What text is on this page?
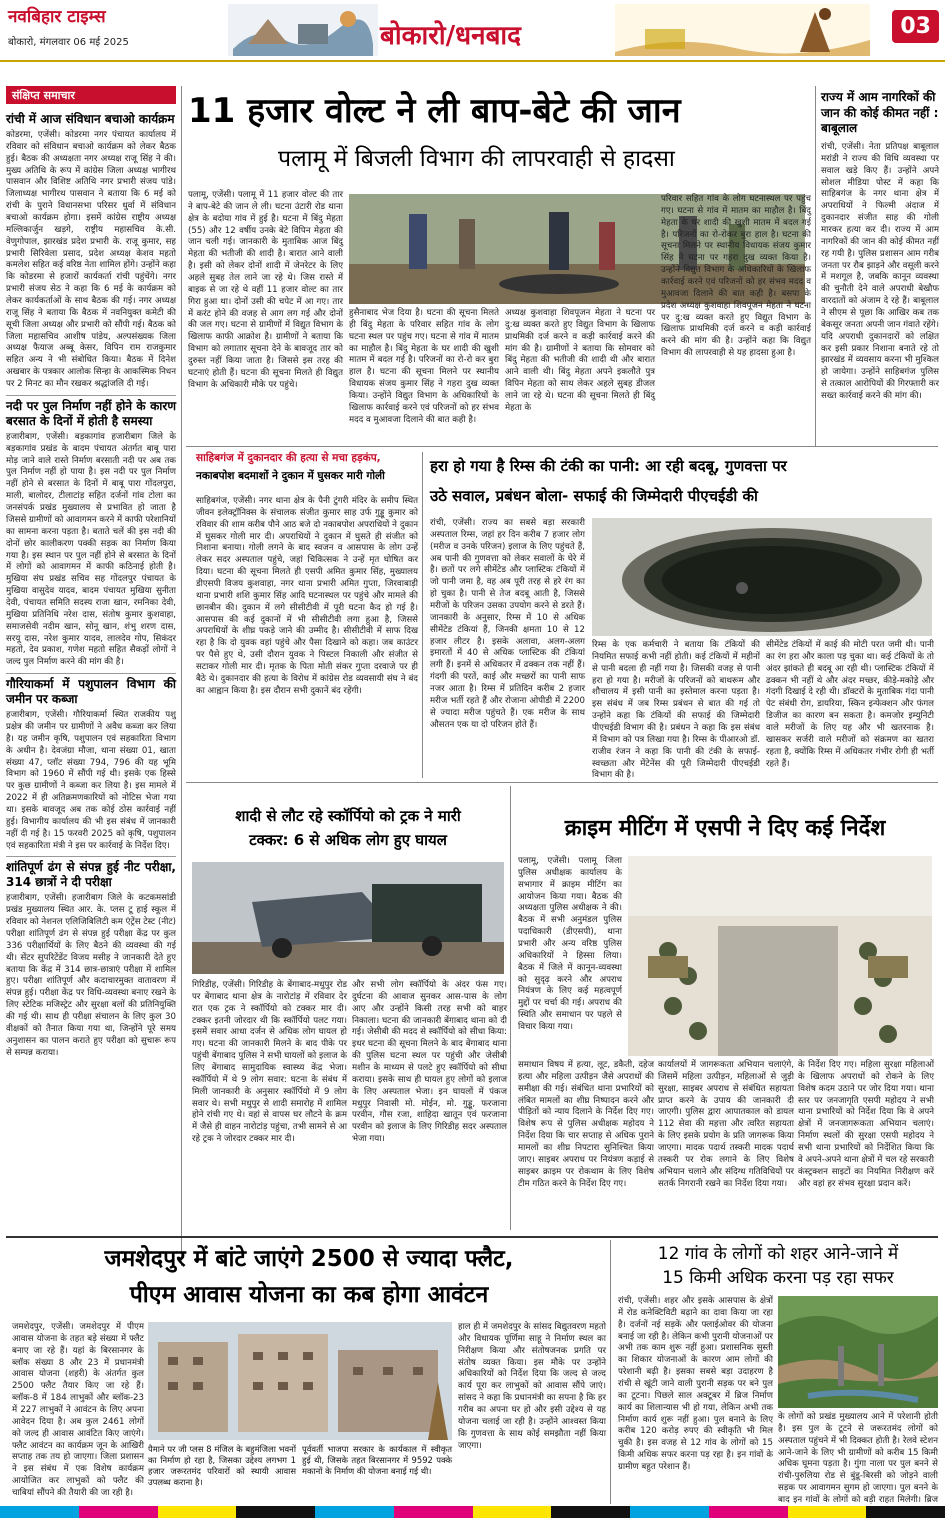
नवबिहार टाइम्स
बोकारो, मंगलवार 06 मई 2025	बोकारो/धनबाद	03
संक्षिप्त समाचार
रांची में आज संविधान बचाओ कार्यक्रम

कोडरमा, एजेंसी। कोडरमा नगर पंचायत कार्यालय में रविवार को संविधान बचाओ कार्यक्रम को लेकर बैठक हुई। बैठक की अध्यक्षता नगर अध्यक्ष राजू सिंह ने की। मुख्य अतिथि के रूप में कांग्रेस जिला अध्यक्ष भागीरथ पासवान और विशिष्ट अतिथि नगर प्रभारी संजय पांडे। जिलाध्यक्ष भागीरथ पासवान ने बताया कि 6 मई को रांची के पुराने विधानसभा परिसर धुर्वा में संविधान बचाओ कार्यक्रम होगा। इसमें कांग्रेस राष्ट्रीय अध्यक्ष मल्लिकार्जुन खड़गे, राष्ट्रीय महासचिव के.सी. वेणुगोपाल, झारखंड प्रदेश प्रभारी के. राजू कुमार, सह प्रभारी सिरिवेला प्रसाद, प्रदेश अध्यक्ष केशव महतो कमलेश सहित कई वरिष्ठ नेता शामिल होंगे। उन्होंने कहा कि कोडरमा से हजारों कार्यकर्ता रांची पहुंचेंगे। नगर प्रभारी संजय सेठ ने कहा कि 6 मई के कार्यक्रम को लेकर कार्यकर्ताओं के साथ बैठक की गई। नगर अध्यक्ष राजू सिंह ने बताया कि बैठक में नवनियुक्त कमेटी की सूची जिला अध्यक्ष और प्रभारी को सौंपी गई। बैठक को जिला महासचिव आशीष पांडेय, अल्पसंख्यक जिला अध्यक्ष फैयाज अब्बू केसर, विपिन राम राजकुमार सहित अन्य ने भी संबोधित किया। बैठक में दिनेश अखबार के पत्रकार आलोक सिन्हा के आकस्मिक निधन पर 2 मिनट का मौन रखकर श्रद्धांजलि दी गई।

नदी पर पुल निर्माण नहीं होने के कारण बरसात के दिनों में होती है समस्या

हजारीबाग, एजेंसी। बड़कागांव हजारीबाग जिले के बड़कागांव प्रखंड के बादम पंचायत अंतर्गत बाबू पारा मोड़ जाने वाले रास्ते निर्माण बरसाती नदी पर अब तक पुल निर्माण नहीं हो पाया है। इस नदी पर पुल निर्माण नहीं होने से बरसात के दिनों में बाबू पारा गोंदलपुरा, माली, बालोदर, टीलाटांड़ सहित दर्जनों गांव टोला का जनसंपर्क प्रखंड मुख्यालय से प्रभावित हो जाता है जिससे ग्रामीणों को आवागमन करने में काफी परेशानियों का सामना करना पड़ता है। बताते चलें की इस नदी की दोनों छोर कालीकरण पक्की सड़क का निर्माण किया गया है। इस स्थान पर पुल नहीं होने से बरसात के दिनों में लोगों को आवागमन में काफी कठिनाई होती है। मुखिया संघ प्रखंड सचिव सह गोंदलपुर पंचायत के मुखिया वासुदेव यादव, बादम पंचायत मुखिया सुनीता देवी, पंचायत समिति सदस्य राजा खान, रमनिका देवी, मुखिया प्रतिनिधि नरेश दास, संतोष कुमार कुशवाहा, समाजसेवी नदीम खान, सोनू खान, शंभु शरण दास, सरयू दास, नरेश कुमार यादव, लालदेव गोप, सिकंदर महतो, देव प्रकाश, गणेश महतो सहित सैकड़ों लोगों ने जल्द पुल निर्माण करने की मांग की है।

गौरियाकर्मा में पशुपालन विभाग की जमीन पर कब्जा

हजारीबाग, एजेंसी। गौरियाकर्मा स्थित राजकीय पशु प्रक्षेत्र की जमीन पर ग्रामीणों ने अवैध कब्जा कर लिया है। यह जमीन कृषि, पशुपालन एवं सहकारिता विभाग के अधीन है। देवजंग्रा मौजा, थाना संख्या 01, खाता संख्या 47, प्लॉट संख्या 794, 796 की यह भूमि विभाग को 1960 में सौंपी गई थी। इसके एक हिस्से पर कुछ ग्रामीणों ने कब्जा कर लिया है। इस मामले में 2022 में ही अतिक्रमणकारियों को नोटिस भेजा गया था। इसके बावजूद अब तक कोई ठोस कार्रवाई नहीं हुई। विभागीय कार्यालय की भी इस संबंध में जानकारी नहीं दी गई है। 15 फरवरी 2025 को कृषि, पशुपालन एवं सहकारिता मंत्री ने इस पर कार्रवाई के निर्देश दिए।

शांतिपूर्ण ढंग से संपन्न हुई नीट परीक्षा, 314 छात्रों ने दी परीक्षा

हजारीबाग, एजेंसी। हजारीबाग जिले के कटकमसांडी प्रखंड मुख्यालय स्थित आर. के. प्लस टू हाई स्कूल में रविवार को नेशनल एलिजिबिलिटी कम एंट्रेंस टेस्ट (नीट) परीक्षा शांतिपूर्ण ढंग से संपन्न हुई परीक्षा केंद्र पर कुल 336 परीक्षार्थियों के लिए बैठने की व्यवस्था की गई थी। सेंटर सुपरिटेंडेंट विजय मसीह ने जानकारी देते हुए बताया कि केंद्र में 314 छात्र-छात्राएं परीक्षा में शामिल हुए। परीक्षा शांतिपूर्ण और कदाचारमुक्त वातावरण में संपन्न हुई। परीक्षा केंद्र पर विधि-व्यवस्था बनाए रखने के लिए स्टेटिक मजिस्ट्रेट और सुरक्षा बलों की प्रतिनियुक्ति की गई थी। साथ ही परीक्षा संचालन के लिए कुल 30 वीक्षकों को तैनात किया गया था, जिन्होंने पूरे समय अनुशासन का पालन कराते हुए परीक्षा को सुचारू रूप से सम्पन्न कराया।

11 हजार वोल्ट ने ली बाप-बेटे की जान
पलामू में बिजली विभाग की लापरवाही से हादसा
पलामू, एजेंसी। पलामू में 11 हजार वोल्ट की तार ने बाप-बेटे की जान ले ली। घटना उंटारी रोड थाना क्षेत्र के बदोया गांव में हुई है। घटना में बिंदु मेहता (55) और 12 वर्षीय उनके बेटे विपिन मेहता की जान चली गई। जानकारी के मुताबिक आज बिंदु मेहता की भतीजी की शादी है। बारात आने वाली है। इसी को लेकर दोनों शादी में जेनरेटर के लिए अहले सुबह तेल लाने जा रहे थे। जिस रास्ते में बाइक से जा रहे थे वहीं 11 हजार वोल्ट का तार गिरा हुआ था। दोनों उसी की चपेट में आ गए। तार में करंट होने की वजह से आग लग गई और दोनों की जल गए। घटना से ग्रामीणों में विद्युत विभाग के खिलाफ काफी आक्रोश है। ग्रामीणों ने बताया कि विभाग को लगातार सूचना देने के बावजूद तार को दुरुस्त नहीं किया जाता है। जिससे इस तरह की घटनाएं होती हैं। घटना की सूचना मिलते ही विद्युत विभाग के अधिकारी मौके पर पहुंचे।
हुसैनाबाद भेज दिया है। घटना की सूचना मिलते ही बिंदु मेहता के परिवार सहित गांव के लोग घटना स्थल पर पहुंच गए। घटना से गांव में मातम का माहौल है। बिंदु मेहता के घर शादी की खुशी मातम में बदल गई है। परिजनों का रो-रो कर बुरा हाल है। घटना की सूचना मिलने पर स्थानीय विधायक संजय कुमार सिंह ने गहरा दुख व्यक्त किया। उन्होंने विद्युत विभाग के अधिकारियों के खिलाफ कार्रवाई करने एवं परिजनों को हर संभव मदद व मुआवजा दिलाने की बात कही है।
अध्यक्ष कुशवाहा शिवपूजन मेहता ने घटना पर दु:ख व्यक्त करते हुए विद्युत विभाग के खिलाफ प्राथमिकी दर्ज करने व कड़ी कार्रवाई करने की मांग की है। ग्रामीणों ने बताया कि सोमवार को बिंदु मेहता की भतीजी की शादी थी और बारात आने वाली थी। बिंदु मेहता अपने इकलौते पुत्र विपिन मेहता को साथ लेकर अहले सुबह डीजल लाने जा रहे थे। घटना की सूचना मिलते ही बिंदु मेहता के
परिवार सहित गांव के लोग घटनास्थल पर पहुंच गए। घटना से गांव में मातम का माहौल है। बिंदु मेहता के घर शादी की खुशी मातम में बदल गई है। परिजनों का रो-रोकर बुरा हाल है। घटना की सूचना मिलने पर स्थानीय विधायक संजय कुमार सिंह ने घटना पर गहरा दुख व्यक्त किया है। उन्होंने विद्युत विभाग के अधिकारियों के खिलाफ कार्रवाई करने एवं परिजनों को हर संभव मदद व मुआवजा दिलाने की बात कही है। बसपा के प्रदेश अध्यक्ष कुशवाहा शिवपूजन मेहता ने घटना पर दु:ख व्यक्त करते हुए विद्युत विभाग के खिलाफ प्राथमिकी दर्ज करने व कड़ी कार्रवाई करने की मांग की है। उन्होंने कहा कि विद्युत विभाग की लापरवाही से यह हादसा हुआ है।
राज्य में आम नागरिकों की जान की कोई कीमत नहीं : बाबूलाल
रांची, एजेंसी। नेता प्रतिपक्ष बाबूलाल मरांडी ने राज्य की विधि व्यवस्था पर सवाल खड़े किए हैं। उन्होंने अपने सोशल मीडिया पोस्ट में कहा कि साहिबगंज के नगर थाना क्षेत्र में अपराधियों ने फिल्मी अंदाज में दुकानदार संजीत साह की गोली मारकर हत्या कर दी। राज्य में आम नागरिकों की जान की कोई कीमत नहीं रह गयी है। पुलिस प्रशासन आम गरीब जनता पर रौब झाड़ने और वसूली करने में मशगूल है, जबकि कानून व्यवस्था की चुनौती देने वाले अपराधी बेखौफ वारदातों को अंजाम दे रहे हैं। बाबूलाल ने सीएम से पूछा कि आखिर कब तक बेकसूर जनता अपनी जान गंवाते रहेंगे। यदि अपराधी दुकानदारों को लक्षित कर इसी प्रकार निशाना बनाते रहे तो झारखंड में व्यवसाय करना भी मुश्किल हो जायेगा। उन्होंने साहिबगंज पुलिस से तत्काल आरोपियों की गिरफ्तारी कर सख्त कार्रवाई करने की मांग की।
साहिबगंज में दुकानदार की हत्या से मचा हड़कंप,
नकाबपोश बदमाशों ने दुकान में घुसकर मारी गोली
साहिबगंज, एजेंसी। नगर थाना क्षेत्र के पैनी टुंगरी मंदिर के समीप स्थित जीवन इलेक्ट्रॉनिक्स के संचालक संजीत कुमार साह उर्फ गुड्डू कुमार को रविवार की शाम करीब पौने आठ बजे दो नकाबपोश अपराधियों ने दुकान में घुसकर गोली मार दी। अपराधियों ने दुकान में घुसते ही संजीत को निशाना बनाया। गोली लगने के बाद स्वजन व आसपास के लोग उन्हें लेकर सदर अस्पताल पहुंचे, जहां चिकित्सक ने उन्हें मृत घोषित कर दिया। घटना की सूचना मिलते ही एसपी अमित कुमार सिंह, मुख्यालय डीएसपी विजय कुशवाहा, नगर थाना प्रभारी अमित गुप्ता, जिरवाबाड़ी थाना प्रभारी शशि कुमार सिंह आदि घटनास्थल पर पहुंचे और मामले की छानबीन की। दुकान में लगे सीसीटीवी में पूरी घटना कैद हो गई है। आसपास की कई दुकानों में भी सीसीटीवी लगा हुआ है, जिससे अपराधियों के शीघ्र पकड़े जाने की उम्मीद है। सीसीटीवी में साफ दिख रहा है कि दो युवक वहां पहुंचे और पैसा दिखाने को कहा। जब काउंटर पर पैसे हुए थे, उसी दौरान युवक ने पिस्टल निकाली और संजीत से सटाकर गोली मार दी। मृतक के पिता मोती संकर गुप्ता दरवाजे पर ही बैठे थे। दुकानदार की हत्या के विरोध में कांग्रेस रोड व्यवसायी संघ ने बंद का आह्वान किया है। इस दौरान सभी दुकानें बंद रहेंगी।
हरा हो गया है रिम्स की टंकी का पानी: आ रही बदबू, गुणवत्ता पर
उठे सवाल, प्रबंधन बोला- सफाई की जिम्मेदारी पीएचईडी की
रांची, एजेंसी। राज्य का सबसे बड़ा सरकारी अस्पताल रिम्स, जहां हर दिन करीब 7 हजार लोग (मरीज व उनके परिजन) इलाज के लिए पहुंचते हैं, अब पानी की गुणवत्ता को लेकर सवालों के घेरे में है। छतों पर लगे सीमेंटेड और प्लास्टिक टंकियों में जो पानी जमा है, वह अब पूरी तरह से हरे रंग का हो चुका है। पानी से तेज बदबू आती है, जिससे मरीजों के परिजन उसका उपयोग करने से डरते हैं। जानकारी के अनुसार, रिम्स में 10 से अधिक सीमेंटेड टंकियां हैं, जिनकी क्षमता 10 से 12 हजार लीटर है। इसके अलावा, अलग-अलग इमारतों में 40 से अधिक प्लास्टिक की टंकियां लगी हैं। इनमें से अधिकतर में ढक्कन तक नहीं हैं। गंदगी की परतें, काई और मच्छरों का पानी साफ नजर आता है। रिम्स में प्रतिदिन करीब 2 हजार मरीज भर्ती रहते हैं और रोजाना ओपीडी में 2200 से ज्यादा मरीज पहुंचते हैं। एक मरीज के साथ औसतन एक या दो परिजन होते हैं।
रिम्स के एक कर्मचारी ने बताया कि टंकियों की नियमित सफाई कभी नहीं होती। कई टंकियों में महीनों से पानी बदला ही नहीं गया है। जिसकी वजह से पानी हरा हो गया है। मरीजों के परिजनों को बाथरूम और शौचालय में इसी पानी का इस्तेमाल करना पड़ता है। इस संबंध में जब रिम्स प्रबंधन से बात की गई तो उन्होंने कहा कि टंकियों की सफाई की जिम्मेदारी पीएचईडी विभाग की है। प्रबंधन ने कहा कि इस संबंध में विभाग को पत्र लिखा गया है। रिम्स के पीआरओ डॉ. राजीव रंजन ने कहा कि पानी की टंकी के सफाई-स्वच्छता और मेंटेनेंस की पूरी जिम्मेदारी पीएचईडी विभाग की है।
सीमेंटेड टंकियों में काई की मोटी परत जमी थी। पानी का रंग हरा और काला पड़ चुका था। कई टंकियों के तो अंदर झांकते ही बदबू आ रही थी। प्लास्टिक टंकियों में ढक्कन भी नहीं थे और अंदर मच्छर, कीड़े-मकोड़े और गंदगी दिखाई दे रही थी। डॉक्टरों के मुताबिक गंदा पानी पेट संबंधी रोग, डायरिया, स्किन इन्फेक्शन और फंगल डिजीज का कारण बन सकता है। कमजोर इम्युनिटी वाले मरीजों के लिए यह और भी खतरनाक है। खासकर सर्जरी वाले मरीजों को संक्रमण का खतरा रहता है, क्योंकि रिम्स में अधिकतर गंभीर रोगी ही भर्ती रहते हैं।
शादी से लौट रहे स्कॉर्पियो को ट्रक ने मारी
टक्कर: 6 से अधिक लोग हुए घायल
गिरिडीह, एजेंसी। गिरिडीह के बेंगाबाद-मधुपुर रोड पर बेंगाबाद थाना क्षेत्र के नारोटांड़ में रविवार देर रात एक ट्रक ने स्कॉर्पियो को टक्कर मार दी। टक्कर इतनी जोरदार थी कि स्कॉर्पियो पलट गया। इसमें सवार आधा दर्जन से अधिक लोग घायल हो गए। घटना की जानकारी मिलने के बाद पीके पर पहुंची बेंगाबाद पुलिस ने सभी घायलों को इलाज के लिए बेंगाबाद सामुदायिक स्वास्थ्य केंद्र भेजा। स्कॉर्पियो में थे 9 लोग सवार: घटना के संबंध में मिली जानकारी के अनुसार स्कॉर्पियो में 9 लोग सवार थे। सभी मधुपुर से शादी समारोह में शामिल होने रांची गए थे। वहां से वापस घर लौटने के क्रम में जैसे ही वाहन नारोटांड़ पहुंचा, तभी सामने से आ रहे ट्रक ने जोरदार टक्कर मार दी।
और सभी लोग स्कॉर्पियो के अंदर फंस गए। दुर्घटना की आवाज सुनकर आस-पास के लोग आए और उन्होंने किसी तरह सभी को बाहर निकाला। घटना की जानकारी बेंगाबाद थाना को दी गई। जेसीबी की मदद से स्कॉर्पियो को सीधा किया: इधर घटना की सूचना मिलने के बाद बेंगाबाद थाना की पुलिस घटना स्थल पर पहुंची और जेसीबी मशीन के माध्यम से पलटे हुए स्कॉर्पियो को सीधा कराया। इसके साथ ही घायल हुए लोगों को इलाज के लिए अस्पताल भेजा। इन घायलों में पंकज मधुपुर निवासी मो. मोईन, मो. गुड्डू, फरजाना परवीन, गौस रजा, शाहिदा खातून एवं फरजाना परवीन को इलाज के लिए गिरिडीह सदर अस्पताल भेजा गया।
क्राइम मीटिंग में एसपी ने दिए कई निर्देश
पलामू, एजेंसी। पलामू जिला पुलिस अधीक्षक कार्यालय के सभागार में क्राइम मीटिंग का आयोजन किया गया। बैठक की अध्यक्षता पुलिस अधीक्षक ने की। बैठक में सभी अनुमंडल पुलिस पदाधिकारी (डीएसपी), थाना प्रभारी और अन्य वरिष्ठ पुलिस अधिकारियों ने हिस्सा लिया। बैठक में जिले में कानून-व्यवस्था को सुदृढ़ करने और अपराध नियंत्रण के लिए कई महत्वपूर्ण मुद्दों पर चर्चा की गई। अपराध की स्थिति और समाधान पर पहले से विचार किया गया।
समाधान विषय में हत्या, लूट, डकैती, दहेज हत्या और महिला उत्पीड़न जैसे अपराधों की समीक्षा की गई। संबंधित थाना प्रभारियों को लंबित मामलों का शीघ्र निष्पादन करने और पीड़ितों को न्याय दिलाने के निर्देश दिए गए। विशेष रूप से पुलिस अधीक्षक महोदय ने निर्देश दिया कि चार सप्ताह से अधिक पुराने मामलों का शीघ्र निपटारा सुनिश्चित किया जाए। साइबर अपराध पर नियंत्रण कड़ाई से साइबर क्राइम पर रोकथाम के लिए विशेष टीम गठित करने के निर्देश दिए गए।
कार्यालयों में जागरूकता अभियान चलाएंगे, जिसमें महिला उत्पीड़न, महिलाओं से जुड़ी सुरक्षा, साइबर अपराध से संबंधित सहायता प्राप्त करने के उपाय की जानकारी दी जाएगी। पुलिस द्वारा आपातकाल को डायल 112 सेवा की महत्ता और त्वरित सहायता के लिए इसके प्रयोग के प्रति जागरूक किया जाएगा। मादक पदार्थ तस्करी मादक पदार्थ तस्करी पर रोक लगाने के लिए विशेष अभियान चलाने और संदिग्ध गतिविधियों पर सतर्क निगरानी रखने का निर्देश दिया गया।
के निर्देश दिए गए। महिला सुरक्षा महिलाओं के खिलाफ अपराधों को रोकने के लिए विशेष कदम उठाने पर जोर दिया गया। थाना स्तर पर जनजागृति एसपी महोदय ने सभी थाना प्रभारियों को निर्देश दिया कि वे अपने क्षेत्रों में जनजागरूकता अभियान चलाएं। निर्माण स्थलों की सुरक्षा एसपी महोदय ने सभी थाना प्रभारियों को निर्देशित किया कि वे अपने-अपने थाना क्षेत्रों में चल रहे सरकारी कंस्ट्रक्शन साइटों का नियमित निरीक्षण करें और वहां हर संभव सुरक्षा प्रदान करें।
जमशेदपुर में बांटे जाएंगे 2500 से ज्यादा फ्लैट,
पीएम आवास योजना का कब होगा आवंटन
जमशेदपुर, एजेंसी। जमशेदपुर में पीएम आवास योजना के तहत बड़े संख्या में फ्लैट बनाए जा रहे हैं। यहां के बिरसानगर के ब्लॉक संख्या 8 और 23 में प्रधानमंत्री आवास योजना (शहरी) के अंतर्गत कुल 2500 फ्लैट तैयार किए जा रहे हैं। ब्लॉक-8 में 184 लाभुकों और ब्लॉक-23 में 227 लाभुकों ने आवंटन के लिए अपना आवेदन दिया है। अब कुल 2461 लोगों को जल्द ही आवास आवंटित किए जाएंगे। फ्लैट आवंटन का कार्यक्रम जून के आखिरी सप्ताह तक तय हो जाएगा। जिला प्रशासन ने इस संबंध में एक विशेष कार्यक्रम आयोजित कर लाभुकों को फ्लैट की चाबियां सौंपने की तैयारी की जा रही है।
पैमाने पर जी प्लस 8 मंजिल के बहुमंजिला भवनों का निर्माण हो रहा है, जिसका उद्देश्य लगभग 1 हजार जरूरतमंद परिवारों को स्थायी आवास उपलब्ध कराना है।
पूर्ववर्ती भाजपा सरकार के कार्यकाल में स्वीकृत हुई थी, जिसके तहत बिरसानगर में 9592 पक्के मकानों के निर्माण की योजना बनाई गई थी।
हाल ही में जमशेदपुर के सांसद बिद्युतवरण महतो और विधायक पूर्णिमा साहू ने निर्माण स्थल का निरीक्षण किया और संतोषजनक प्रगति पर संतोष व्यक्त किया। इस मौके पर उन्होंने अधिकारियों को निर्देश दिया कि जल्द से जल्द कार्य पूरा कर लाभुकों को आवास सौंपे जाएं। सांसद ने कहा कि प्रधानमंत्री का सपना है कि हर गरीब का अपना घर हो और इसी उद्देश्य से यह योजना चलाई जा रही है। उन्होंने आश्वस्त किया कि गुणवत्ता के साथ कोई समझौता नहीं किया जाएगा।
12 गांव के लोगों को शहर आने-जाने में
15 किमी अधिक करना पड़ रहा सफर
रांची, एजेंसी। शहर और इसके आसपास के क्षेत्रों में रोड कनेक्टिविटी बढ़ाने का दावा किया जा रहा है। दर्जनों नई सड़कें और फ्लाईओवर की योजना बनाई जा रही है। लेकिन कभी पुरानी योजनाओं पर अभी तक काम शुरू नहीं हुआ। प्रशासनिक सुस्ती का शिकार योजनाओं के कारण आम लोगों की परेशानी बढ़ी है। इसका सबसे बड़ा उदाहरण है रांची से खूंटी जाने वाली पुरानी सड़क पर बने पुल का टूटना। पिछले साल अक्टूबर में ब्रिज निर्माण कार्य का शिलान्यास भी हो गया, लेकिन अभी तक निर्माण कार्य शुरू नहीं हुआ। पुल बनाने के लिए करीब 120 करोड़ रुपए की स्वीकृति भी मिल चुकी है। इस वजह से 12 गांव के लोगों को 15 किमी अधिक सफर करना पड़ रहा है। इन गांवों के ग्रामीण बहुत परेशान हैं।
के लोगों को प्रखंड मुख्यालय आने में परेशानी होती है। इस पुल के टूटने से जरूरतमंद लोगों को अस्पताल पहुंचने में भी दिक्कत होती है। रेलवे स्टेशन आने-जाने के लिए भी ग्रामीणों को करीब 15 किमी अधिक घूमना पड़ता है। गुंगा नाला पर पुल बनने से रांची-पुरुलिया रोड से बुंडू-बिरसी को जोड़ने वाली सड़क पर आवागमन सुगम हो जाएगा। पुल बनने के बाद इन गांवों के लोगों को बड़ी राहत मिलेगी। ब्रिज
